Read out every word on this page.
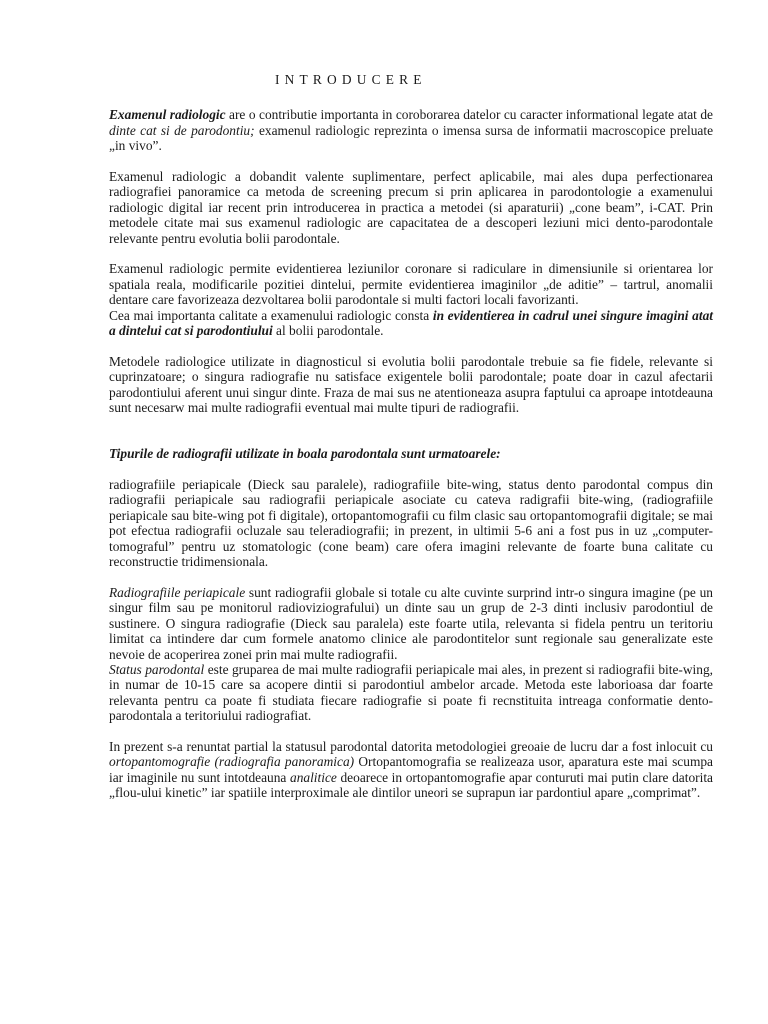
INTRODUCERE

Examenul radiologic are o contributie importanta in coroborarea datelor cu caracter informational legate atat de dinte cat si de parodontiu; examenul radiologic reprezinta o imensa sursa de informatii macroscopice preluate „in vivo”.

Examenul radiologic a dobandit valente suplimentare, perfect aplicabile, mai ales dupa perfectionarea radiografiei panoramice ca metoda de screening precum si prin aplicarea in parodontologie a examenului radiologic digital iar recent prin introducerea in practica a metodei (si aparaturii) „cone beam”, i-CAT. Prin metodele citate mai sus examenul radiologic are capacitatea de a descoperi leziuni mici dento-parodontale relevante pentru evolutia bolii parodontale.

Examenul radiologic permite evidentierea leziunilor coronare si radiculare in dimensiunile si orientarea lor spatiala reala, modificarile pozitiei dintelui, permite evidentierea imaginilor „de aditie” – tartrul, anomalii dentare care favorizeaza dezvoltarea bolii parodontale si multi factori locali favorizanti.

Cea mai importanta calitate a examenului radiologic consta in evidentierea in cadrul unei singure imagini atat a dintelui cat si parodontiului al bolii parodontale.

Metodele radiologice utilizate in diagnosticul si evolutia bolii parodontale trebuie sa fie fidele, relevante si cuprinzatoare; o singura radiografie nu satisface exigentele bolii parodontale; poate doar in cazul afectarii parodontiului aferent unui singur dinte. Fraza de mai sus ne atentioneaza asupra faptului ca aproape intotdeauna sunt necesarw mai multe radiografii eventual mai multe tipuri de radiografii.

Tipurile de radiografii utilizate in boala parodontala sunt urmatoarele:

radiografiile periapicale (Dieck sau paralele), radiografiile bite-wing, status dento parodontal compus din radiografii periapicale sau radiografii periapicale asociate cu cateva radigrafii bite-wing, (radiografiile periapicale sau bite-wing pot fi digitale), ortopantomografii cu film clasic sau ortopantomografii digitale; se mai pot efectua radiografii ocluzale sau teleradiografii; in prezent, in ultimii 5-6 ani a fost pus in uz „computer-tomograful” pentru uz stomatologic (cone beam) care ofera imagini relevante de foarte buna calitate cu reconstructie tridimensionala.

Radiografiile periapicale sunt radiografii globale si totale cu alte cuvinte surprind intr-o singura imagine (pe un singur film sau pe monitorul radioviziografului) un dinte sau un grup de 2-3 dinti inclusiv parodontiul de sustinere. O singura radiografie (Dieck sau paralela) este foarte utila, relevanta si fidela pentru un teritoriu limitat ca intindere dar cum formele anatomo clinice ale parodontitelor sunt regionale sau generalizate este nevoie de acoperirea zonei prin mai multe radiografii.

Status parodontal este gruparea de mai multe radiografii periapicale mai ales, in prezent si radiografii bite-wing, in numar de 10-15 care sa acopere dintii si parodontiul ambelor arcade. Metoda este laborioasa dar foarte relevanta pentru ca poate fi studiata fiecare radiografie si poate fi recnstituita intreaga conformatie dento-parodontala a teritoriului radiografiat.

In prezent s-a renuntat partial la statusul parodontal datorita metodologiei greoaie de lucru dar a fost inlocuit cu ortopantomografie (radiografia panoramica) Ortopantomografia se realizeaza usor, aparatura este mai scumpa iar imaginile nu sunt intotdeauna analitice deoarece in ortopantomografie apar conturuti mai putin clare datorita „flou-ului kinetic” iar spatiile interproximale ale dintilor uneori se suprapun iar pardontiul apare „comprimat”.
